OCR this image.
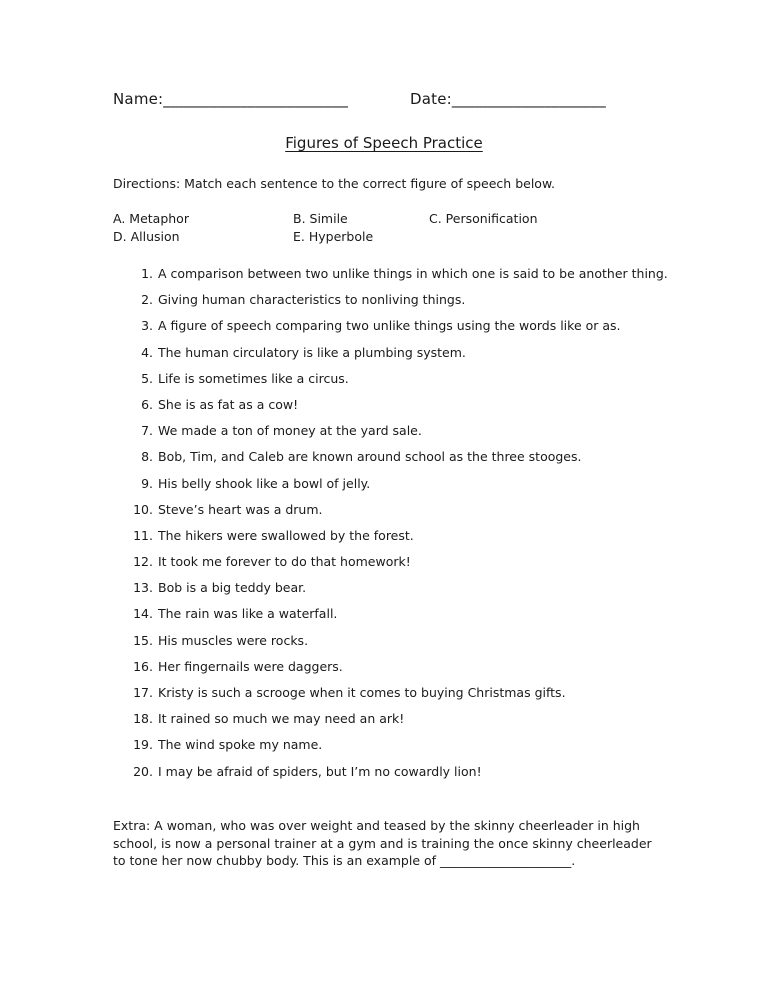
Name:________________________	Date:____________________
Figures of Speech Practice
Directions: Match each sentence to the correct figure of speech below.
A. Metaphor	B. Simile	C. Personification
D. Allusion	E. Hyperbole
1. A comparison between two unlike things in which one is said to be another thing.
2. Giving human characteristics to nonliving things.
3. A figure of speech comparing two unlike things using the words like or as.
4. The human circulatory is like a plumbing system.
5. Life is sometimes like a circus.
6. She is as fat as a cow!
7. We made a ton of money at the yard sale.
8. Bob, Tim, and Caleb are known around school as the three stooges.
9. His belly shook like a bowl of jelly.
10. Steve’s heart was a drum.
11. The hikers were swallowed by the forest.
12. It took me forever to do that homework!
13. Bob is a big teddy bear.
14. The rain was like a waterfall.
15. His muscles were rocks.
16. Her fingernails were daggers.
17. Kristy is such a scrooge when it comes to buying Christmas gifts.
18. It rained so much we may need an ark!
19. The wind spoke my name.
20. I may be afraid of spiders, but I’m no cowardly lion!
Extra: A woman, who was over weight and teased by the skinny cheerleader in high school, is now a personal trainer at a gym and is training the once skinny cheerleader to tone her now chubby body. This is an example of _____________________.
